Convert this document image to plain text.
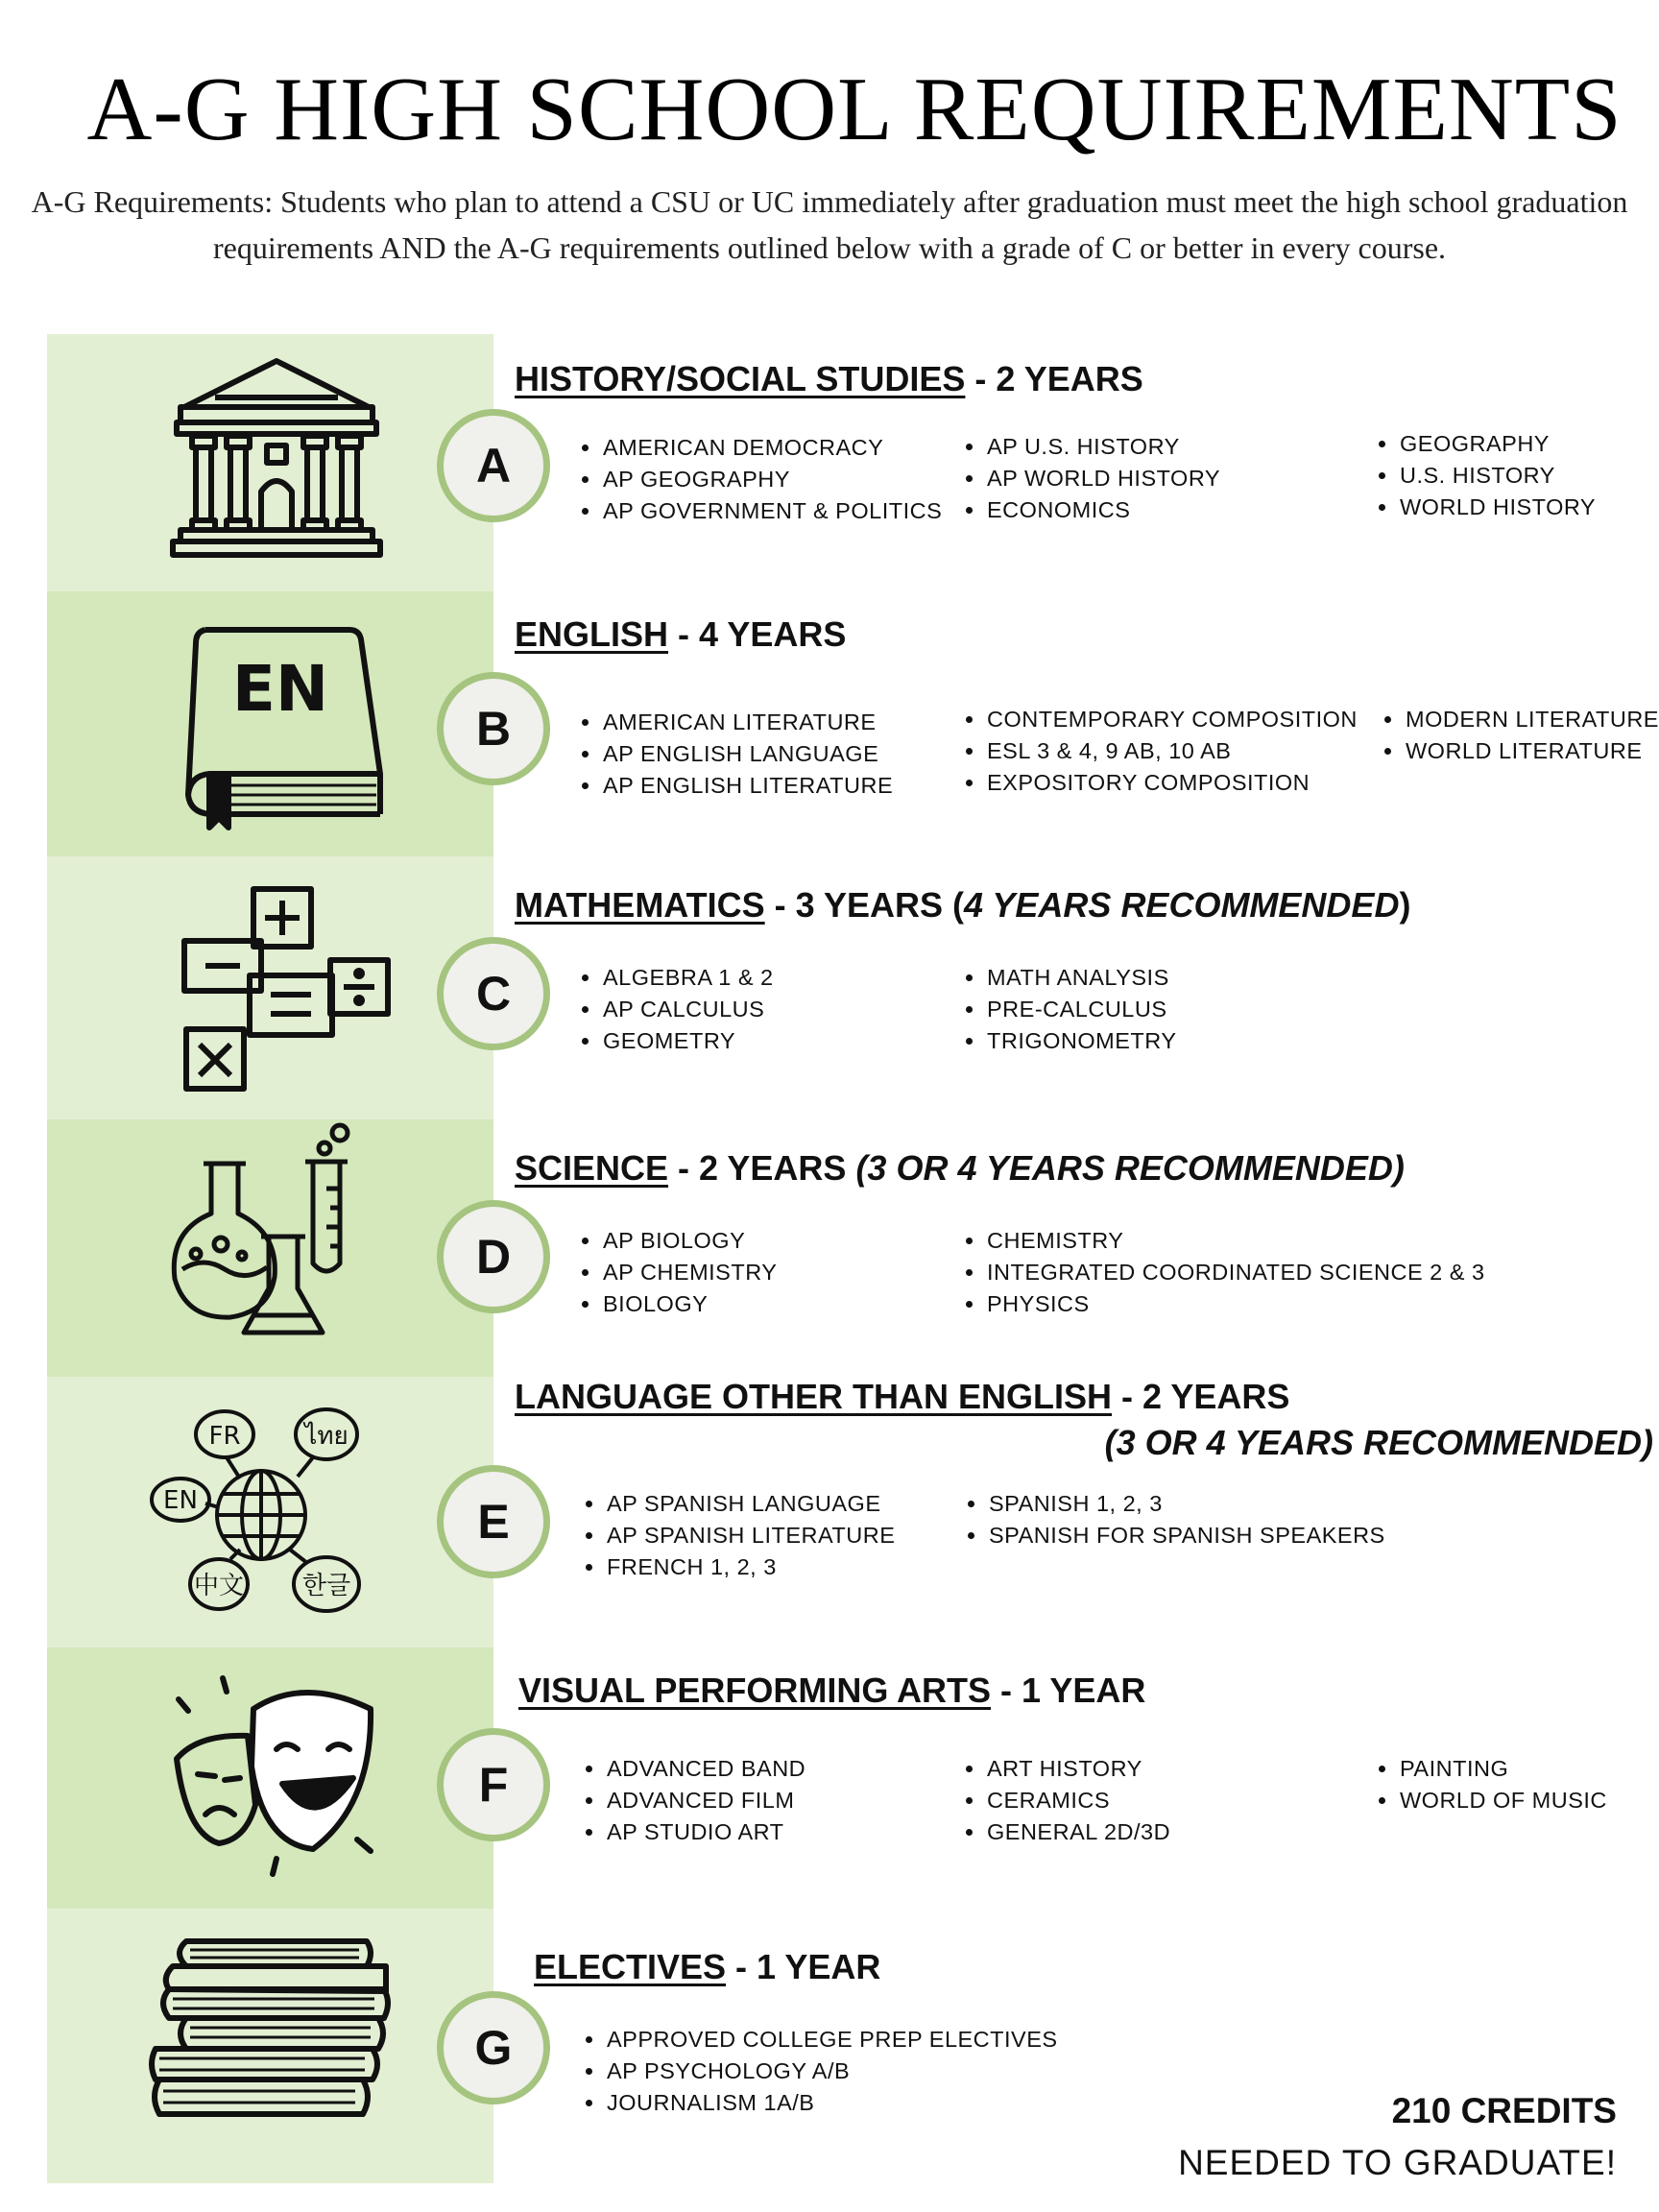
A-G HIGH SCHOOL REQUIREMENTS
A-G Requirements: Students who plan to attend a CSU or UC immediately after graduation must meet the high school graduation requirements AND the A-G requirements outlined below with a grade of C or better in every course.
EN
FR	ไทย
EN
中文 한글
A
B
C
D
E
F
G
HISTORY/SOCIAL STUDIES - 2 YEARS
AMERICAN DEMOCRACY
AP GEOGRAPHY
AP GOVERNMENT & POLITICS
AP U.S. HISTORY
AP WORLD HISTORY
ECONOMICS
GEOGRAPHY
U.S. HISTORY
WORLD HISTORY
ENGLISH - 4 YEARS
AMERICAN LITERATURE
AP ENGLISH LANGUAGE
AP ENGLISH LITERATURE
CONTEMPORARY COMPOSITION
ESL 3 & 4, 9 AB, 10 AB
EXPOSITORY COMPOSITION
MODERN LITERATURE
WORLD LITERATURE
MATHEMATICS - 3 YEARS (4 YEARS RECOMMENDED)
ALGEBRA 1 & 2
AP CALCULUS
GEOMETRY
MATH ANALYSIS
PRE-CALCULUS
TRIGONOMETRY
SCIENCE - 2 YEARS (3 OR 4 YEARS RECOMMENDED)
AP BIOLOGY
AP CHEMISTRY
BIOLOGY
CHEMISTRY
INTEGRATED COORDINATED SCIENCE 2 & 3
PHYSICS
LANGUAGE OTHER THAN ENGLISH - 2 YEARS
(3 OR 4 YEARS RECOMMENDED)
AP SPANISH LANGUAGE
AP SPANISH LITERATURE
FRENCH 1, 2, 3
SPANISH 1, 2, 3
SPANISH FOR SPANISH SPEAKERS
VISUAL PERFORMING ARTS - 1 YEAR
ADVANCED BAND
ADVANCED FILM
AP STUDIO ART
ART HISTORY
CERAMICS
GENERAL 2D/3D
PAINTING
WORLD OF MUSIC
ELECTIVES - 1 YEAR
APPROVED COLLEGE PREP ELECTIVES
AP PSYCHOLOGY A/B
JOURNALISM 1A/B	210 CREDITS
NEEDED TO GRADUATE!
